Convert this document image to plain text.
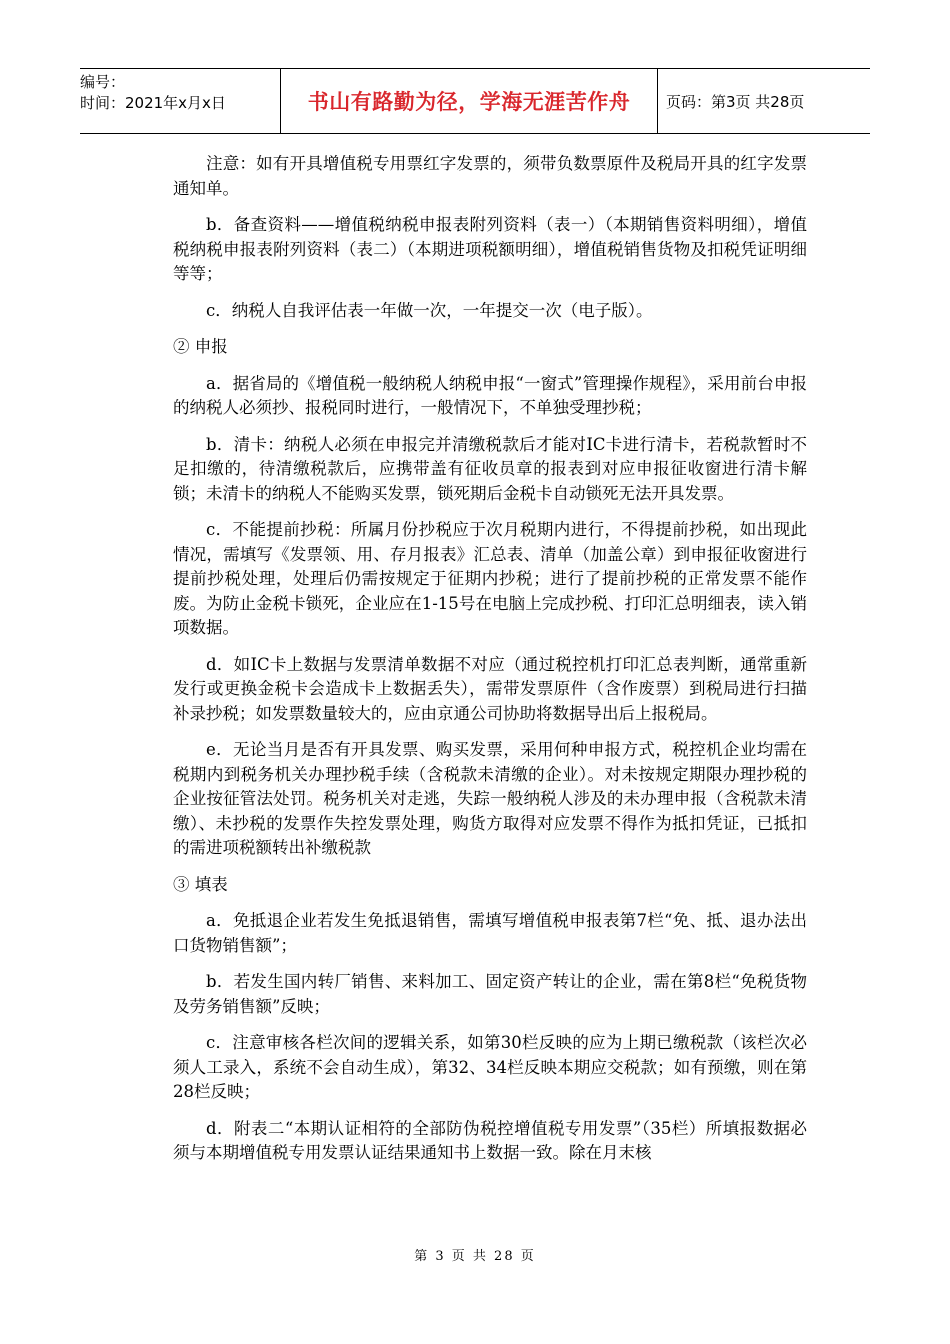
编号：
时间：2021年x月x日	书山有路勤为径，学海无涯苦作舟	页码：第3页 共28页

注意：如有开具增值税专用票红字发票的，须带负数票原件及税局开具的红字发票通知单。

b．备查资料——增值税纳税申报表附列资料（表一）（本期销售资料明细），增值税纳税申报表附列资料（表二）（本期进项税额明细），增值税销售货物及扣税凭证明细等等；

c．纳税人自我评估表一年做一次，一年提交一次（电子版）。

② 申报

a．据省局的《增值税一般纳税人纳税申报“一窗式”管理操作规程》，采用前台申报的纳税人必须抄、报税同时进行，一般情况下，不单独受理抄税；

b．清卡：纳税人必须在申报完并清缴税款后才能对IC卡进行清卡，若税款暂时不足扣缴的，待清缴税款后，应携带盖有征收员章的报表到对应申报征收窗进行清卡解锁；未清卡的纳税人不能购买发票，锁死期后金税卡自动锁死无法开具发票。

c．不能提前抄税：所属月份抄税应于次月税期内进行，不得提前抄税，如出现此情况，需填写《发票领、用、存月报表》汇总表、清单（加盖公章）到申报征收窗进行提前抄税处理，处理后仍需按规定于征期内抄税；进行了提前抄税的正常发票不能作废。为防止金税卡锁死，企业应在1-15号在电脑上完成抄税、打印汇总明细表，读入销项数据。

d．如IC卡上数据与发票清单数据不对应（通过税控机打印汇总表判断，通常重新发行或更换金税卡会造成卡上数据丢失），需带发票原件（含作废票）到税局进行扫描补录抄税；如发票数量较大的，应由京通公司协助将数据导出后上报税局。

e．无论当月是否有开具发票、购买发票，采用何种申报方式，税控机企业均需在税期内到税务机关办理抄税手续（含税款未清缴的企业）。对未按规定期限办理抄税的企业按征管法处罚。税务机关对走逃，失踪一般纳税人涉及的未办理申报（含税款未清缴）、未抄税的发票作失控发票处理，购货方取得对应发票不得作为抵扣凭证，已抵扣的需进项税额转出补缴税款

③ 填表

a．免抵退企业若发生免抵退销售，需填写增值税申报表第7栏“免、抵、退办法出口货物销售额”；

b．若发生国内转厂销售、来料加工、固定资产转让的企业，需在第8栏“免税货物及劳务销售额”反映；

c．注意审核各栏次间的逻辑关系，如第30栏反映的应为上期已缴税款（该栏次必须人工录入，系统不会自动生成），第32、34栏反映本期应交税款；如有预缴，则在第28栏反映；

d．附表二“本期认证相符的全部防伪税控增值税专用发票”（35栏）所填报数据必须与本期增值税专用发票认证结果通知书上数据一致。除在月末核

第 3 页 共 28 页
